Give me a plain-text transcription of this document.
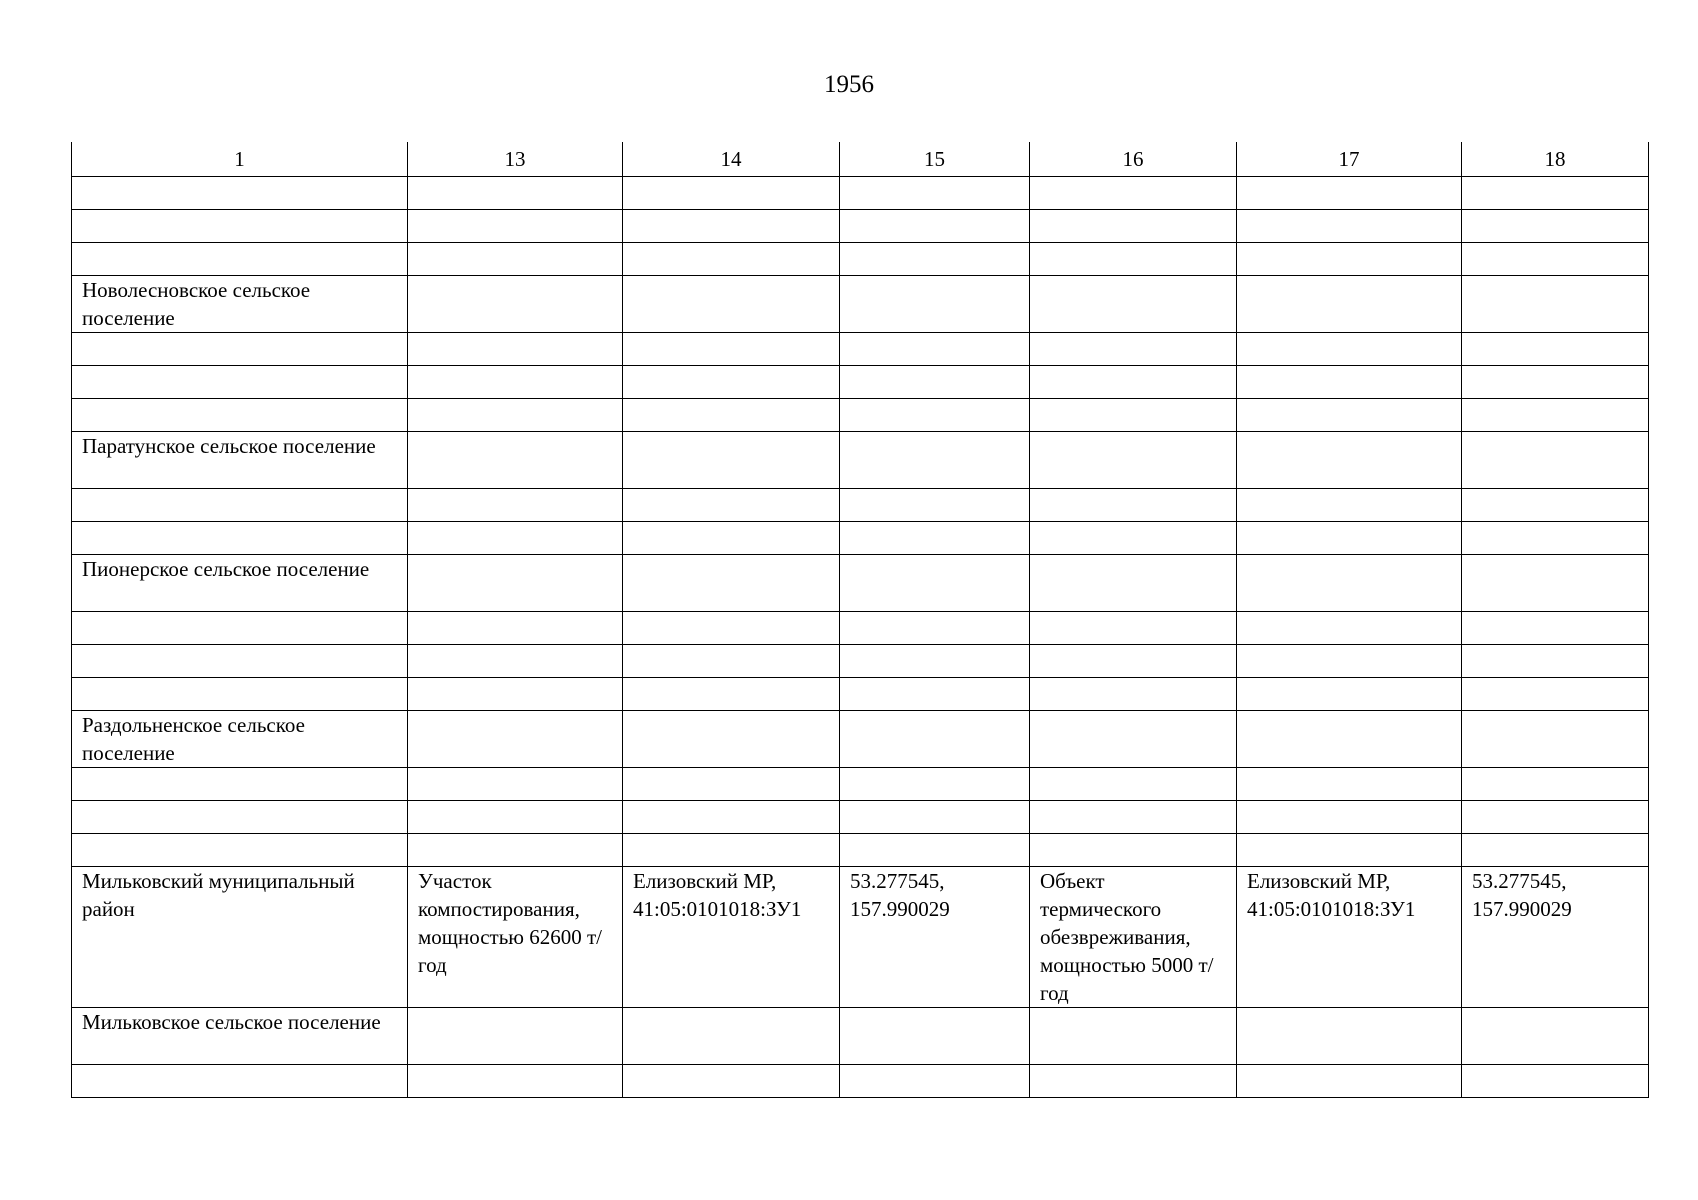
1956
1	13	14	15	16	17	18

Новолесновское сельское поселение						

Паратунское сельское поселение						

Пионерское сельское поселение						

Раздольненское сельское поселение						

Мильковский муниципальный район	Участок компостирования, мощностью 62600 т/год	Елизовский МР, 41:05:0101018:ЗУ1	53.277545, 157.990029	Объект термического обезвреживания, мощностью 5000 т/год	Елизовский МР, 41:05:0101018:ЗУ1	53.277545, 157.990029
Мильковское сельское поселение						
